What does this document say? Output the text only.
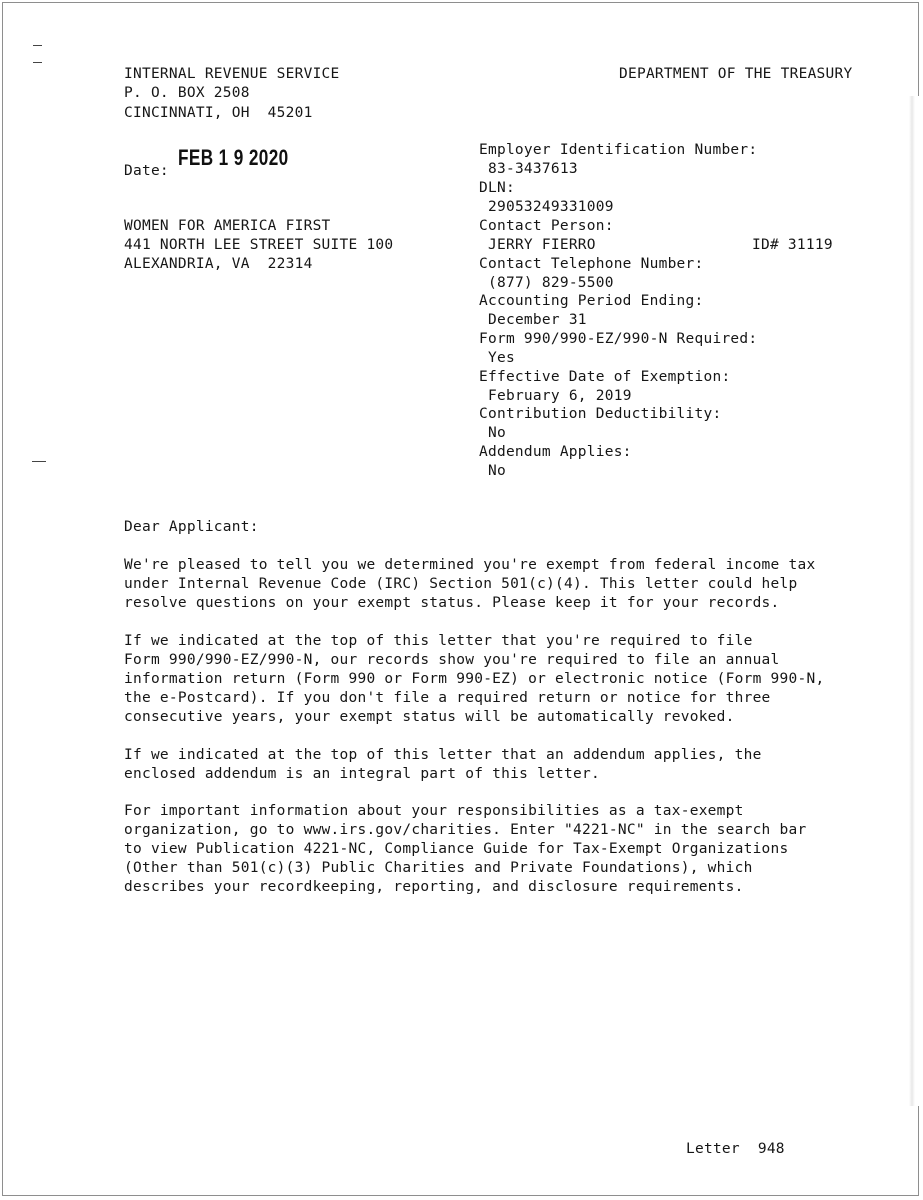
INTERNAL REVENUE SERVICE
P. O. BOX 2508
CINCINNATI, OH  45201
DEPARTMENT OF THE TREASURY
Date:
FEB 1 9 2020
WOMEN FOR AMERICA FIRST
441 NORTH LEE STREET SUITE 100
ALEXANDRIA, VA  22314
Employer Identification Number:
83-3437613
DLN:
29053249331009
Contact Person:
JERRY FIERRO	ID# 31119
Contact Telephone Number:
(877) 829-5500
Accounting Period Ending:
December 31
Form 990/990-EZ/990-N Required:
Yes
Effective Date of Exemption:
February 6, 2019
Contribution Deductibility:
No
Addendum Applies:
No
Dear Applicant:
We're pleased to tell you we determined you're exempt from federal income tax
under Internal Revenue Code (IRC) Section 501(c)(4). This letter could help
resolve questions on your exempt status. Please keep it for your records.
If we indicated at the top of this letter that you're required to file
Form 990/990-EZ/990-N, our records show you're required to file an annual
information return (Form 990 or Form 990-EZ) or electronic notice (Form 990-N,
the e-Postcard). If you don't file a required return or notice for three
consecutive years, your exempt status will be automatically revoked.
If we indicated at the top of this letter that an addendum applies, the
enclosed addendum is an integral part of this letter.
For important information about your responsibilities as a tax-exempt
organization, go to www.irs.gov/charities. Enter "4221-NC" in the search bar
to view Publication 4221-NC, Compliance Guide for Tax-Exempt Organizations
(Other than 501(c)(3) Public Charities and Private Foundations), which
describes your recordkeeping, reporting, and disclosure requirements.
Letter  948
